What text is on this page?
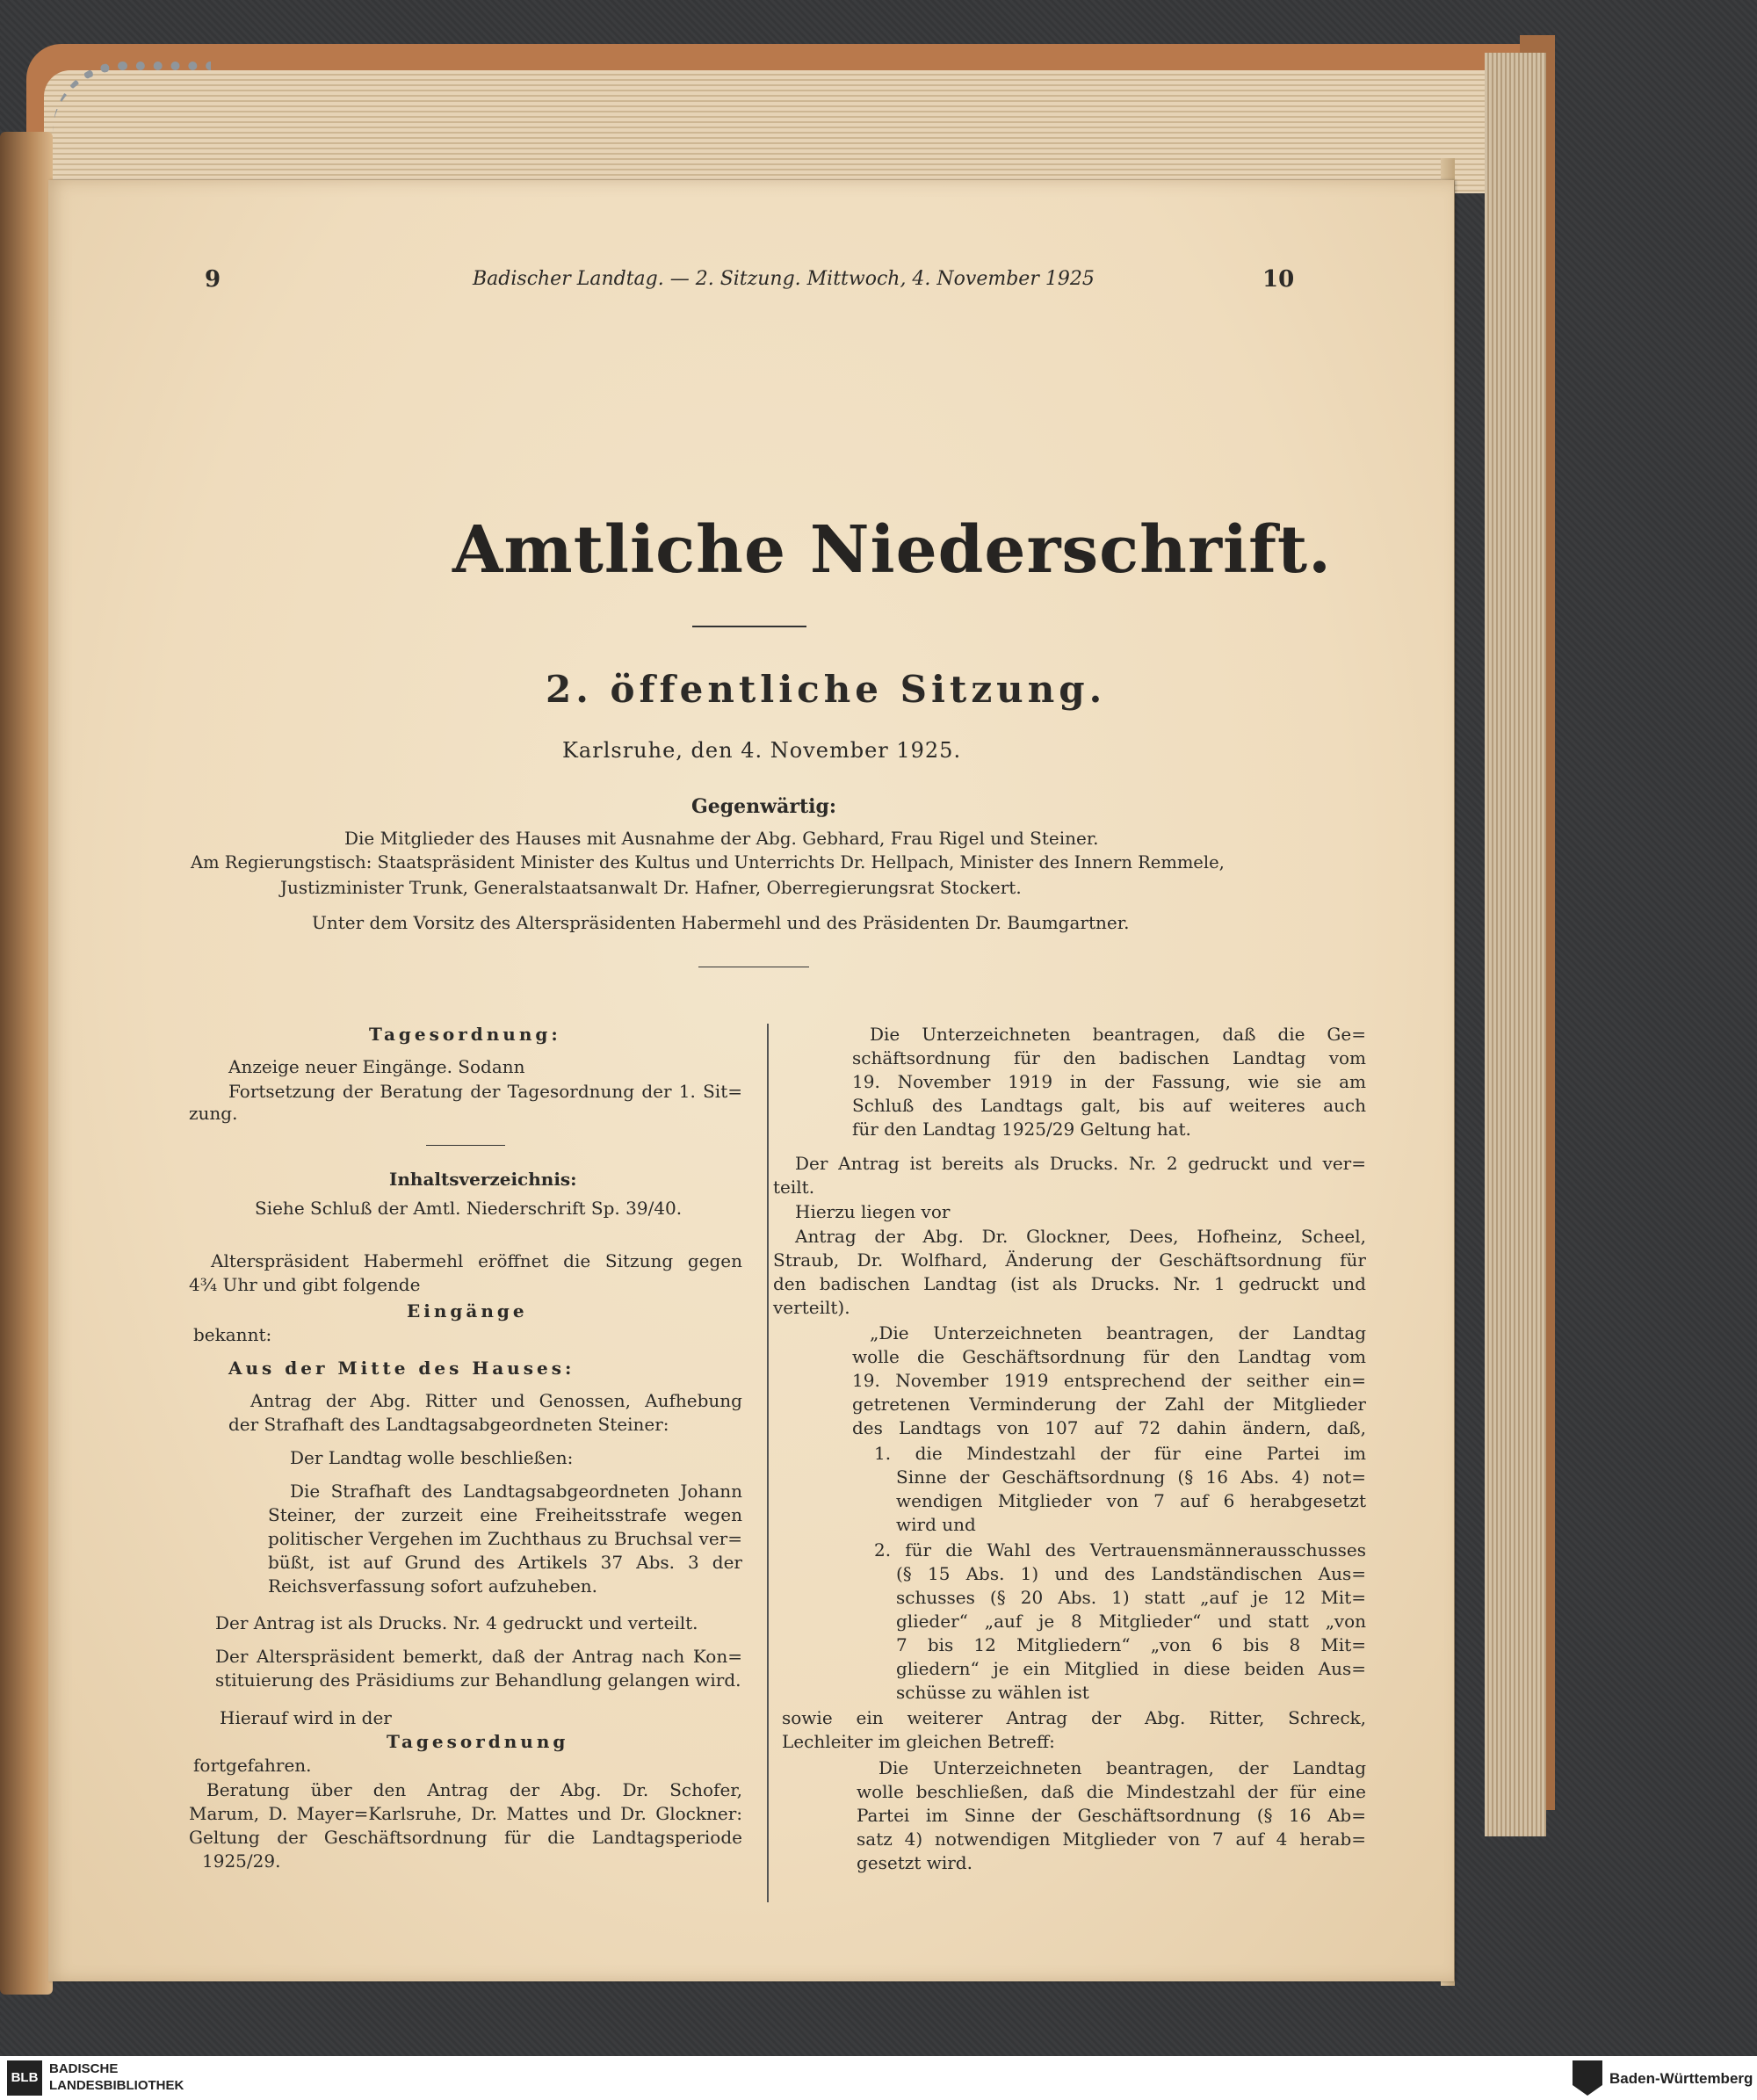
9	Badischer Landtag. — 2. Sitzung. Mittwoch, 4. November 1925	10
Amtliche Niederschrift.
2. öffentliche Sitzung.
Karlsruhe, den 4. November 1925.
Gegenwärtig:
Die Mitglieder des Hauses mit Ausnahme der Abg. Gebhard, Frau Rigel und Steiner.
Am Regierungstisch: Staatspräsident Minister des Kultus und Unterrichts Dr. Hellpach, Minister des Innern Remmele,
Justizminister Trunk, Generalstaatsanwalt Dr. Hafner, Oberregierungsrat Stockert.
Unter dem Vorsitz des Alterspräsidenten Habermehl und des Präsidenten Dr. Baumgartner.
Tagesordnung:
Anzeige neuer Eingänge. Sodann
Fortsetzung der Beratung der Tagesordnung der 1. Sit=
zung.
Inhaltsverzeichnis:
Siehe Schluß der Amtl. Niederschrift Sp. 39/40.
Alterspräsident Habermehl eröffnet die Sitzung gegen
4¾ Uhr und gibt folgende
Eingänge
bekannt:
Aus der Mitte des Hauses:
Antrag der Abg. Ritter und Genossen, Aufhebung
der Strafhaft des Landtagsabgeordneten Steiner:
Der Landtag wolle beschließen:
Die Strafhaft des Landtagsabgeordneten Johann
Steiner, der zurzeit eine Freiheitsstrafe wegen
politischer Vergehen im Zuchthaus zu Bruchsal ver=
büßt, ist auf Grund des Artikels 37 Abs. 3 der
Reichsverfassung sofort aufzuheben.
Der Antrag ist als Drucks. Nr. 4 gedruckt und verteilt.
Der Alterspräsident bemerkt, daß der Antrag nach Kon=
stituierung des Präsidiums zur Behandlung gelangen wird.
Hierauf wird in der
Tagesordnung
fortgefahren.
Beratung über den Antrag der Abg. Dr. Schofer,
Marum, D. Mayer=Karlsruhe, Dr. Mattes und Dr. Glockner:
Geltung der Geschäftsordnung für die Landtagsperiode
1925/29.
Die Unterzeichneten beantragen, daß die Ge=
schäftsordnung für den badischen Landtag vom
19. November 1919 in der Fassung, wie sie am
Schluß des Landtags galt, bis auf weiteres auch
für den Landtag 1925/29 Geltung hat.
Der Antrag ist bereits als Drucks. Nr. 2 gedruckt und ver=
teilt.
Hierzu liegen vor
Antrag der Abg. Dr. Glockner, Dees, Hofheinz, Scheel,
Straub, Dr. Wolfhard, Änderung der Geschäftsordnung für
den badischen Landtag (ist als Drucks. Nr. 1 gedruckt und
verteilt).
„Die Unterzeichneten beantragen, der Landtag
wolle die Geschäftsordnung für den Landtag vom
19. November 1919 entsprechend der seither ein=
getretenen Verminderung der Zahl der Mitglieder
des Landtags von 107 auf 72 dahin ändern, daß,
1. die Mindestzahl der für eine Partei im
Sinne der Geschäftsordnung (§ 16 Abs. 4) not=
wendigen Mitglieder von 7 auf 6 herabgesetzt
wird und
2. für die Wahl des Vertrauensmännerausschusses
(§ 15 Abs. 1) und des Landständischen Aus=
schusses (§ 20 Abs. 1) statt „auf je 12 Mit=
glieder“ „auf je 8 Mitglieder“ und statt „von
7 bis 12 Mitgliedern“ „von 6 bis 8 Mit=
gliedern“ je ein Mitglied in diese beiden Aus=
schüsse zu wählen ist
sowie ein weiterer Antrag der Abg. Ritter, Schreck,
Lechleiter im gleichen Betreff:
Die Unterzeichneten beantragen, der Landtag
wolle beschließen, daß die Mindestzahl der für eine
Partei im Sinne der Geschäftsordnung (§ 16 Ab=
satz 4) notwendigen Mitglieder von 7 auf 4 herab=
gesetzt wird.
BLB
BADISCHE
LANDESBIBLIOTHEK	Baden-Württemberg
